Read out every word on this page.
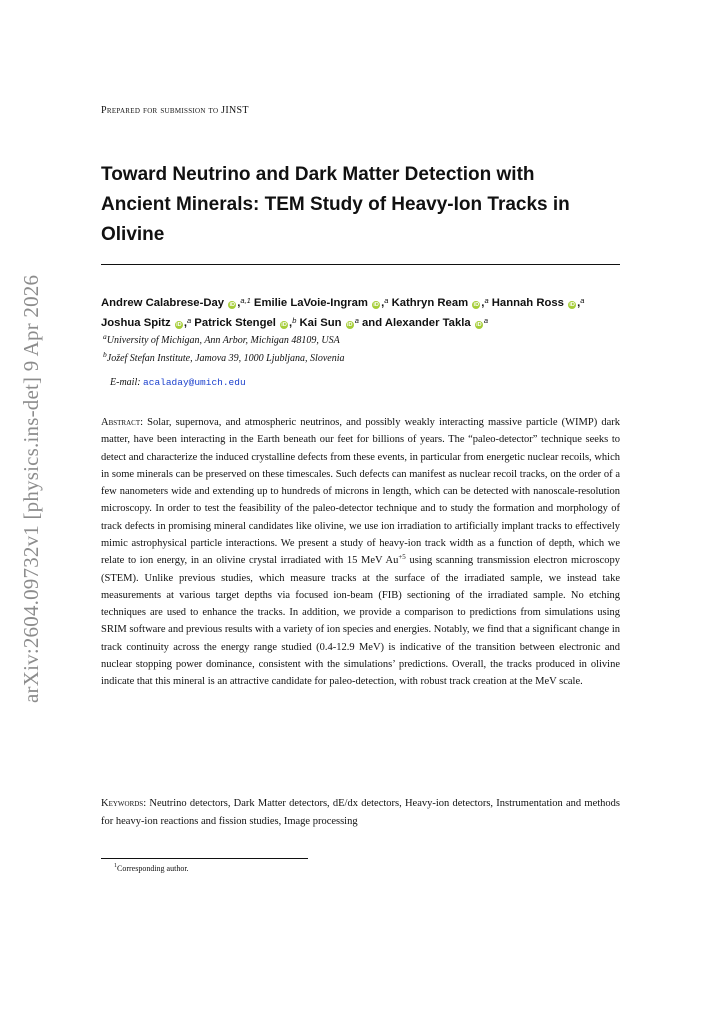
arXiv:2604.09732v1 [physics.ins-det] 9 Apr 2026
Prepared for submission to JINST
Toward Neutrino and Dark Matter Detection with
Ancient Minerals: TEM Study of Heavy-Ion Tracks in
Olivine
Andrew Calabrese-Day iD ,$^{a,1}$ Emilie LaVoie-Ingram iD ,$^a$ Kathryn Ream iD ,$^a$ Hannah Ross iD ,$^a$ Joshua Spitz iD ,$^a$ Patrick Stengel iD ,$^b$ Kai Sun iD $^a$ and Alexander Takla iD $^a$
$^a$University of Michigan, Ann Arbor, Michigan 48109, USA
$^b$Jožef Stefan Institute, Jamova 39, 1000 Ljubljana, Slovenia
E-mail: acaladay@umich.edu

Abstract: Solar, supernova, and atmospheric neutrinos, and possibly weakly interacting massive particle (WIMP) dark matter, have been interacting in the Earth beneath our feet for billions of years. The “paleo-detector” technique seeks to detect and characterize the induced crystalline defects from these events, in particular from energetic nuclear recoils, which in some minerals can be preserved on these timescales. Such defects can manifest as nuclear recoil tracks, on the order of a few nanometers wide and extending up to hundreds of microns in length, which can be detected with nanoscale-resolution microscopy. In order to test the feasibility of the paleo-detector technique and to study the formation and morphology of track defects in promising mineral candidates like olivine, we use ion irradiation to artificially implant tracks to effectively mimic astrophysical particle interactions. We present a study of heavy-ion track width as a function of depth, which we relate to ion energy, in an olivine crystal irradiated with 15 MeV $Au^{+5}$ using scanning transmission electron microscopy (STEM). Unlike previous studies, which measure tracks at the surface of the irradiated sample, we instead take measurements at various target depths via focused ion-beam (FIB) sectioning of the irradiated sample. No etching techniques are used to enhance the tracks. In addition, we provide a comparison to predictions from simulations using SRIM software and previous results with a variety of ion species and energies. Notably, we find that a significant change in track continuity across the energy range studied (0.4-12.9 MeV) is indicative of the transition between electronic and nuclear stopping power dominance, consistent with the simulations’ predictions. Overall, the tracks produced in olivine indicate that this mineral is an attractive candidate for paleo-detection, with robust track creation at the MeV scale.

Keywords: Neutrino detectors, Dark Matter detectors, dE/dx detectors, Heavy-ion detectors, Instrumentation and methods for heavy-ion reactions and fission studies, Image processing

$^1$Corresponding author.
